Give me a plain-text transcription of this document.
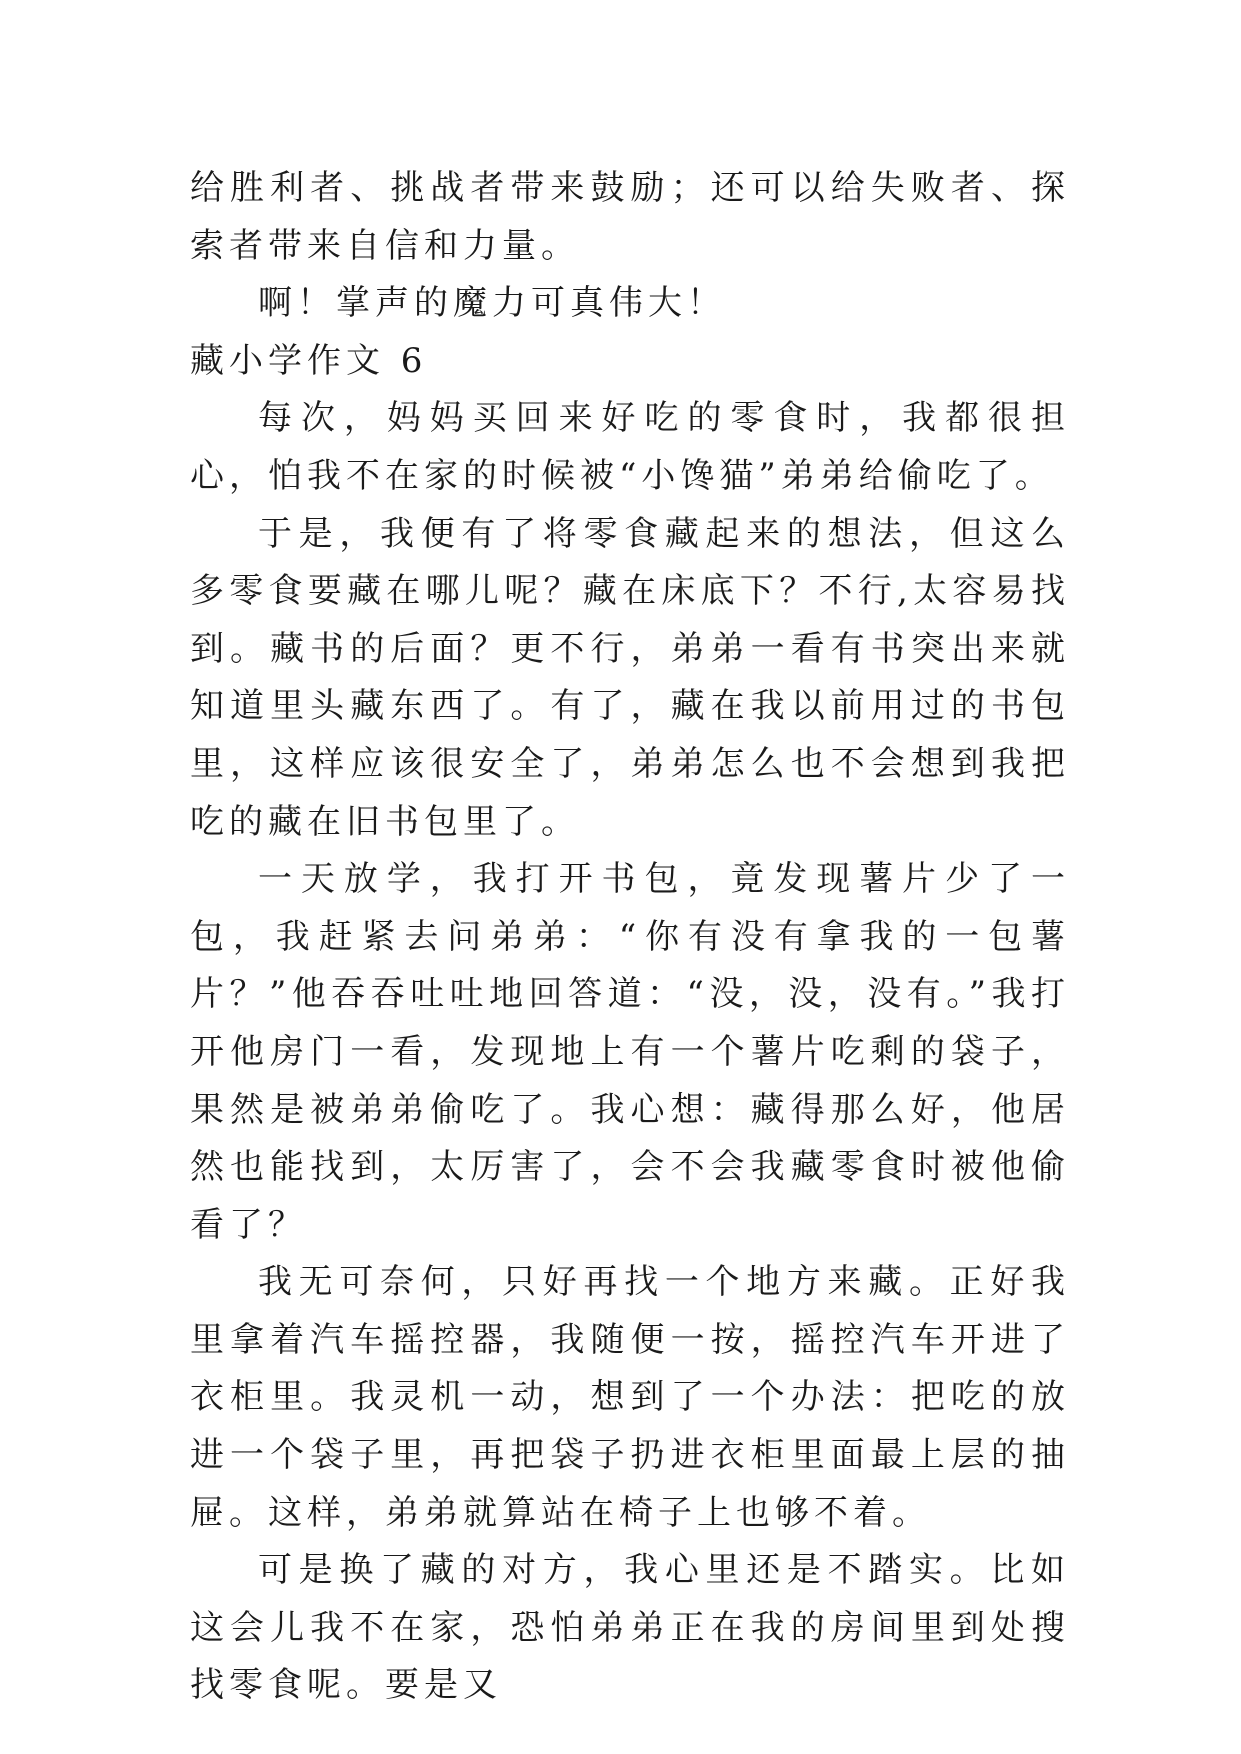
给胜利者、挑战者带来鼓励；还可以给失败者、探索者带来自信和力量。

啊！掌声的魔力可真伟大！

藏小学作文 6

每次，妈妈买回来好吃的零食时，我都很担心，怕我不在家的时候被“小馋猫”弟弟给偷吃了。

于是，我便有了将零食藏起来的想法，但这么多零食要藏在哪儿呢？藏在床底下？不行,太容易找到。藏书的后面？更不行，弟弟一看有书突出来就知道里头藏东西了。有了，藏在我以前用过的书包里，这样应该很安全了，弟弟怎么也不会想到我把吃的藏在旧书包里了。

一天放学，我打开书包，竟发现薯片少了一包，我赶紧去问弟弟：“你有没有拿我的一包薯片？”他吞吞吐吐地回答道：“没，没，没有。”我打开他房门一看，发现地上有一个薯片吃剩的袋子，果然是被弟弟偷吃了。我心想：藏得那么好，他居然也能找到，太厉害了，会不会我藏零食时被他偷看了？

我无可奈何，只好再找一个地方来藏。正好我里拿着汽车摇控器，我随便一按，摇控汽车开进了衣柜里。我灵机一动，想到了一个办法：把吃的放进一个袋子里，再把袋子扔进衣柜里面最上层的抽屉。这样，弟弟就算站在椅子上也够不着。

可是换了藏的对方，我心里还是不踏实。比如这会儿我不在家，恐怕弟弟正在我的房间里到处搜找零食呢。要是又
